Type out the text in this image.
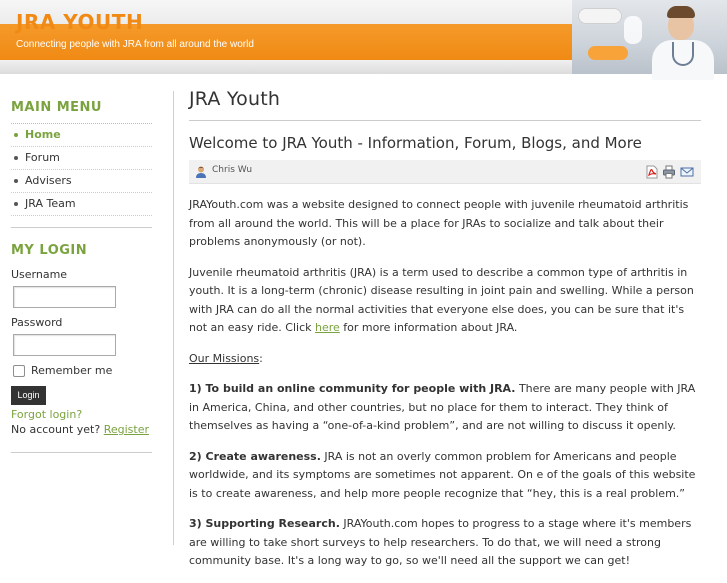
JRA YOUTH
Connecting people with JRA from all around the world
MAIN MENU
Home
Forum
Advisers
JRA Team
MY LOGIN
Username
Password
Remember me
Login
Forgot login?
No account yet? Register
JRA Youth
Welcome to JRA Youth - Information, Forum, Blogs, and More
Chris Wu

JRAYouth.com was a website designed to connect people with juvenile rheumatoid arthritis from all around the world. This will be a place for JRAs to socialize and talk about their problems anonymously (or not).

Juvenile rheumatoid arthritis (JRA) is a term used to describe a common type of arthritis in youth. It is a long-term (chronic) disease resulting in joint pain and swelling. While a person with JRA can do all the normal activities that everyone else does, you can be sure that it's not an easy ride. Click here for more information about JRA.

Our Missions:

1) To build an online community for people with JRA. There are many people with JRA in America, China, and other countries, but no place for them to interact. They think of themselves as having a “one-of-a-kind problem”, and are not willing to discuss it openly.

2) Create awareness. JRA is not an overly common problem for Americans and people worldwide, and its symptoms are sometimes not apparent. On e of the goals of this website is to create awareness, and help more people recognize that “hey, this is a real problem.”

3) Supporting Research. JRAYouth.com hopes to progress to a stage where it's members are willing to take short surveys to help researchers. To do that, we will need a strong community base. It's a long way to go, so we'll need all the support we can get!
